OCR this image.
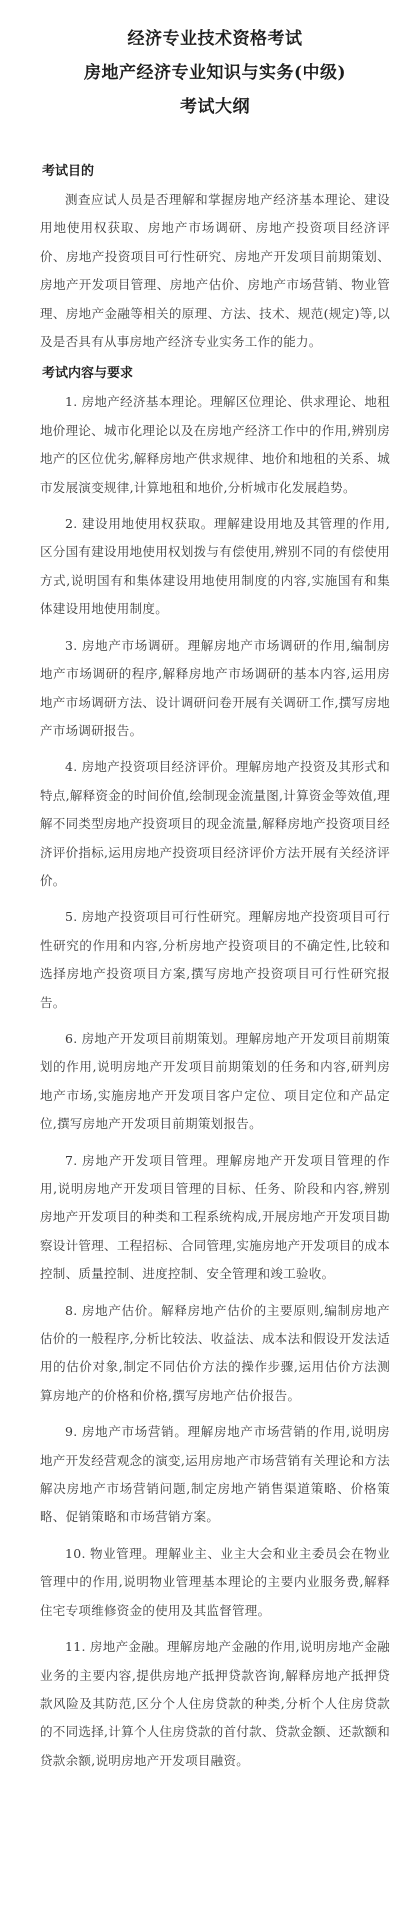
经济专业技术资格考试
房地产经济专业知识与实务(中级)
考试大纲

考试目的

测查应试人员是否理解和掌握房地产经济基本理论、建设用地使用权获取、房地产市场调研、房地产投资项目经济评价、房地产投资项目可行性研究、房地产开发项目前期策划、房地产开发项目管理、房地产估价、房地产市场营销、物业管理、房地产金融等相关的原理、方法、技术、规范(规定)等,以及是否具有从事房地产经济专业实务工作的能力。

考试内容与要求

1. 房地产经济基本理论。理解区位理论、供求理论、地租地价理论、城市化理论以及在房地产经济工作中的作用,辨别房地产的区位优劣,解释房地产供求规律、地价和地租的关系、城市发展演变规律,计算地租和地价,分析城市化发展趋势。

2. 建设用地使用权获取。理解建设用地及其管理的作用,区分国有建设用地使用权划拨与有偿使用,辨别不同的有偿使用方式,说明国有和集体建设用地使用制度的内容,实施国有和集体建设用地使用制度。

3. 房地产市场调研。理解房地产市场调研的作用,编制房地产市场调研的程序,解释房地产市场调研的基本内容,运用房地产市场调研方法、设计调研问卷开展有关调研工作,撰写房地产市场调研报告。

4. 房地产投资项目经济评价。理解房地产投资及其形式和特点,解释资金的时间价值,绘制现金流量图,计算资金等效值,理解不同类型房地产投资项目的现金流量,解释房地产投资项目经济评价指标,运用房地产投资项目经济评价方法开展有关经济评价。

5. 房地产投资项目可行性研究。理解房地产投资项目可行性研究的作用和内容,分析房地产投资项目的不确定性,比较和选择房地产投资项目方案,撰写房地产投资项目可行性研究报告。

6. 房地产开发项目前期策划。理解房地产开发项目前期策划的作用,说明房地产开发项目前期策划的任务和内容,研判房地产市场,实施房地产开发项目客户定位、项目定位和产品定位,撰写房地产开发项目前期策划报告。

7. 房地产开发项目管理。理解房地产开发项目管理的作用,说明房地产开发项目管理的目标、任务、阶段和内容,辨别房地产开发项目的种类和工程系统构成,开展房地产开发项目勘察设计管理、工程招标、合同管理,实施房地产开发项目的成本控制、质量控制、进度控制、安全管理和竣工验收。

8. 房地产估价。解释房地产估价的主要原则,编制房地产估价的一般程序,分析比较法、收益法、成本法和假设开发法适用的估价对象,制定不同估价方法的操作步骤,运用估价方法测算房地产的价格和价格,撰写房地产估价报告。

9. 房地产市场营销。理解房地产市场营销的作用,说明房地产开发经营观念的演变,运用房地产市场营销有关理论和方法解决房地产市场营销问题,制定房地产销售渠道策略、价格策略、促销策略和市场营销方案。

10. 物业管理。理解业主、业主大会和业主委员会在物业管理中的作用,说明物业管理基本理论的主要内业服务费,解释住宅专项维修资金的使用及其监督管理。

11. 房地产金融。理解房地产金融的作用,说明房地产金融业务的主要内容,提供房地产抵押贷款咨询,解释房地产抵押贷款风险及其防范,区分个人住房贷款的种类,分析个人住房贷款的不同选择,计算个人住房贷款的首付款、贷款金额、还款额和贷款余额,说明房地产开发项目融资。
